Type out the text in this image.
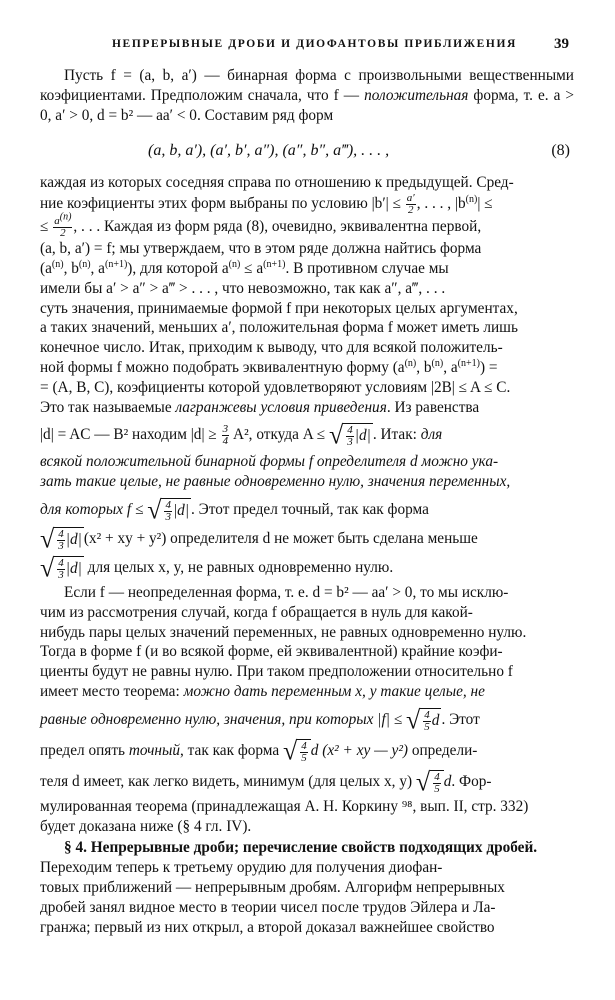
НЕПРЕРЫВНЫЕ ДРОБИ И ДИОФАНТОВЫ ПРИБЛИЖЕНИЯ 39

Пусть f = (a, b, a′) — бинарная форма с произвольными вещественными коэфициентами. Предположим сначала, что f — положительная форма, т. е. a > 0, a′ > 0, d = b² — aa′ < 0. Составим ряд форм

(a, b, a′), (a′, b′, a″), (a″, b″, a‴), . . . ,	(8)
каждая из которых соседняя справа по отношению к предыдущей. Сред-
ние коэфициенты этих форм выбраны по условию $|b'| \le \frac{a'}{2}$ , . . . , $|b^{(n)}|$ ≤
≤ $\frac{a^{(n)}}{2}$ , . . . Каждая из форм ряда (8), очевидно, эквивалентна первой,
(a, b, a′) = f; мы утверждаем, что в этом ряде должна найтись форма
($a^{(n)}$, $b^{(n)}$, $a^{(n+1)}$), для которой $a^{(n)} \le a^{(n+1)}$. В противном случае мы
имели бы a′ > a″ > a‴ > . . . , что невозможно, так как a″, a‴, . . .
суть значения, принимаемые формой f при некоторых целых аргументах,
а таких значений, меньших a′, положительная форма f может иметь лишь
конечное число. Итак, приходим к выводу, что для всякой положитель-
ной формы f можно подобрать эквивалентную форму ($a^{(n)}$, $b^{(n)}$, $a^{(n+1)}$) =
= (A, B, C), коэфициенты которой удовлетворяют условиям |2B| ≤ A ≤ C.
Это так называемые лагранжевы условия приведения. Из равенства
|d| = AC — B² находим $|d| \ge \frac{3}{4} A^2$, откуда A ≤ √ $\frac{4}{3} |d|$ . Итак: для
всякой положительной бинарной формы f определителя d можно ука-
зать такие целые, не равные одновременно нулю, значения переменных,
для которых f ≤ √ $\frac{4}{3} |d|$ . Этот предел точный, так как форма
√ $\frac{4}{3} |d|$ (x² + xy + y²) определителя d не может быть сделана меньше
√ $\frac{4}{3} |d|$ для целых x, y, не равных одновременно нулю.
Если f — неопределенная форма, т. е. d = b² — aa′ > 0, то мы исклю-
чим из рассмотрения случай, когда f обращается в нуль для какой-
нибудь пары целых значений переменных, не равных одновременно нулю.
Тогда в форме f (и во всякой форме, ей эквивалентной) крайние коэфи-
циенты будут не равны нулю. При таком предположении относительно f
имеет место теорема: можно дать переменным x, y такие целые, не
равные одновременно нулю, значения, при которых |f| ≤ √ $\frac{4}{5}$ d . Этот
предел опять точный, так как форма √ $\frac{4}{5}$ d (x² + xy — y²) определи-
теля d имеет, как легко видеть, минимум (для целых x, y) √ $\frac{4}{5} d$. Фор-
мулированная теорема (принадлежащая А. Н. Коркину ⁹⁸, вып. II, стр. 332)
будет доказана ниже (§ 4 гл. IV).
§ 4. Непрерывные дроби; перечисление свойств подходящих дробей.
Переходим теперь к третьему орудию для получения диофан-
товых приближений — непрерывным дробям. Алгорифм непрерывных
дробей занял видное место в теории чисел после трудов Эйлера и Ла-
гранжа; первый из них открыл, а второй доказал важнейшее свойство
